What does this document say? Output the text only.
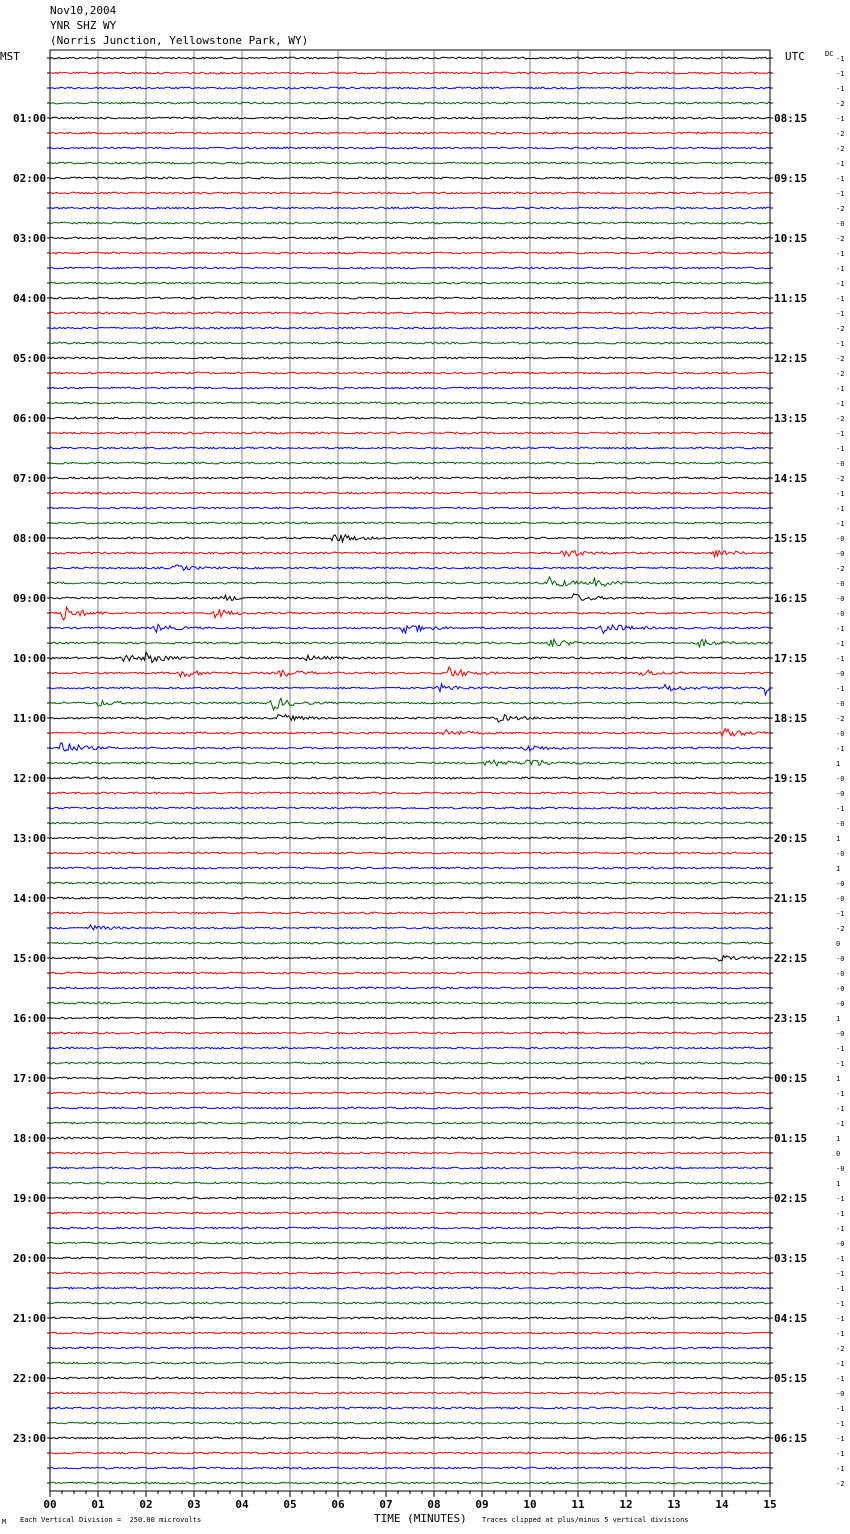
Nov10,2004
YNR SHZ WY
(Norris Junction, Yellowstone Park, WY)
MST	UTC	DC
00	01	02	03	04	05	06	07	08	09	10	11	12	13	14	15
-1
-1
-1
-2
-1
-2
-2
-1
-1
-1
-2
-0
-2
-1
-1
-1
-1
-1
-2
-1
-2
-2
-1
-1
-2
-1
-1
-0
-2
-1
-1
-1
-0
-0
-2
-0
-0
-0
-1
-1
-1
-0
-1
-0
-2
-0
-1
1
-0
-0
-1
-0
1
-0
1
-0
-0
-1
-2
0
-0
-0
-0
-0
1
-0
-1
-1
1
-1
-1
-1
1
0
-0
1
-1
-1
-1
-0
-1
-1
-1
-1
-1
-1
-2
-1
-1
-0
-1
-1
-1
-1
-1
-2
01:00
02:00
03:00
04:00
05:00
06:00
07:00
08:00
09:00
10:00
11:00
12:00
13:00
14:00
15:00
16:00
17:00
18:00
19:00
20:00
21:00
22:00
23:00
08:15
09:15
10:15
11:15
12:15
13:15
14:15
15:15
16:15
17:15
18:15
19:15
20:15
21:15
22:15
23:15
00:15
01:15
02:15
03:15
04:15
05:15
06:15
M Each Vertical Division =  250.00 microvolts	TIME (MINUTES) Traces clipped at plus/minus 5 vertical divisions
